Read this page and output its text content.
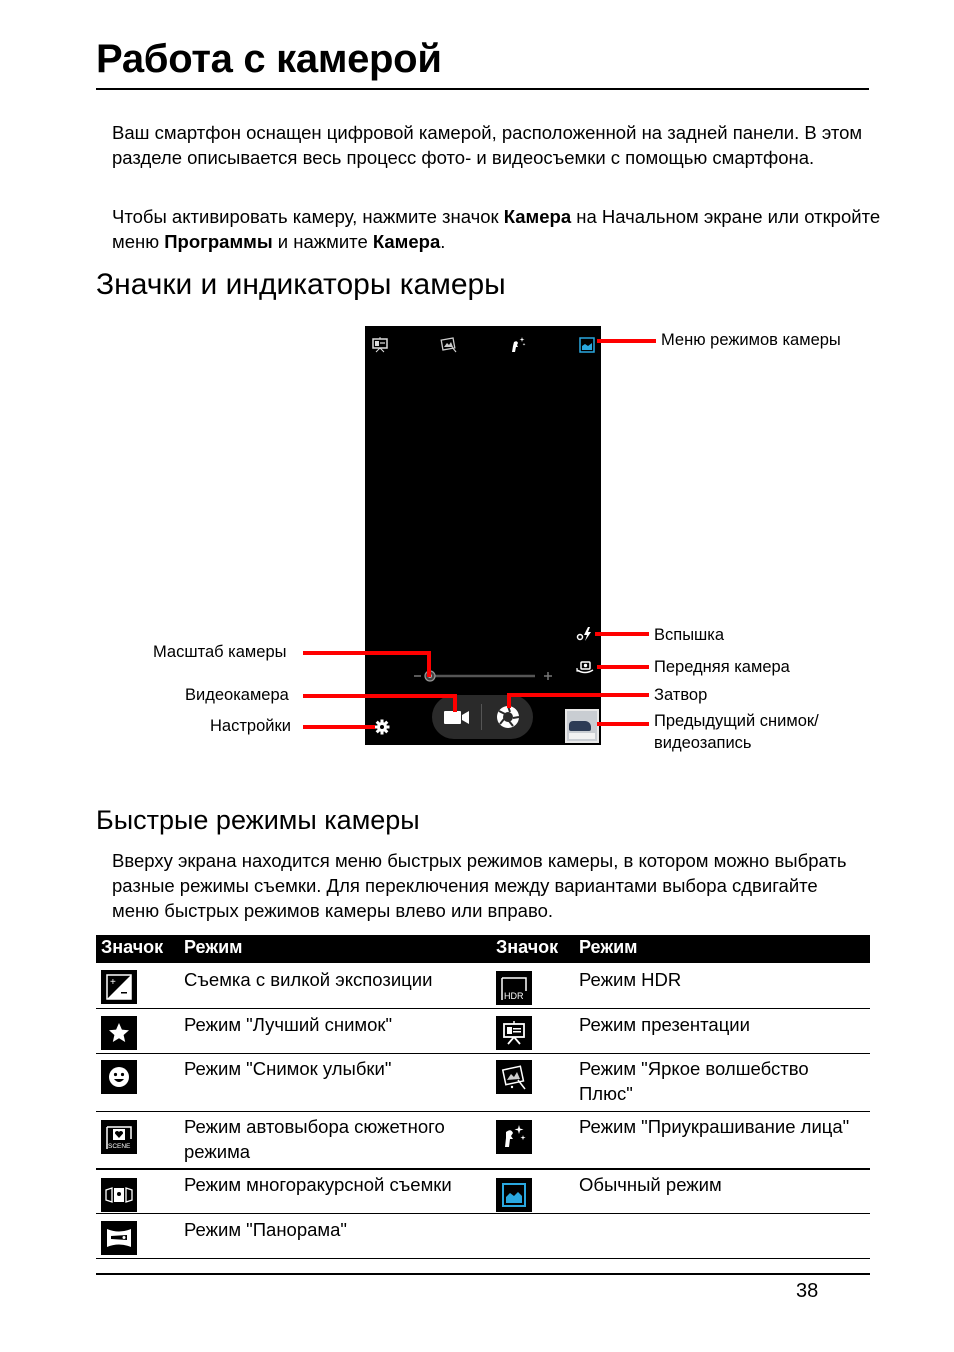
Работа с камерой
Ваш смартфон оснащен цифровой камерой, расположенной на задней панели. В этом разделе описывается весь процесс фото- и видеосъемки с помощью смартфона.
Чтобы активировать камеру, нажмите значок Камера на Начальном экране или откройте меню Программы и нажмите Камера.
Значки и индикаторы камеры
Меню режимов камеры
Вспышка
Передняя камера
Затвор
Предыдущий снимок/
видеозапись
Масштаб камеры
Видеокамера
Настройки
Быстрые режимы камеры
Вверху экрана находится меню быстрых режимов камеры, в котором можно выбрать разные режимы съемки. Для переключения между вариантами выбора сдвигайте меню быстрых режимов камеры влево или вправо.
Значок Режим	Значок Режим
+	Съемка с вилкой экспозиции
Режим "Лучший снимок"
Режим "Снимок улыбки"
SCENE
Режим автовыбора сюжетного режима
Режим многоракурсной съемки
Режим "Панорама"
HDR
Режим HDR
Режим презентации
Режим "Яркое волшебство Плюс"
Режим "Приукрашивание лица"
Обычный режим
38
